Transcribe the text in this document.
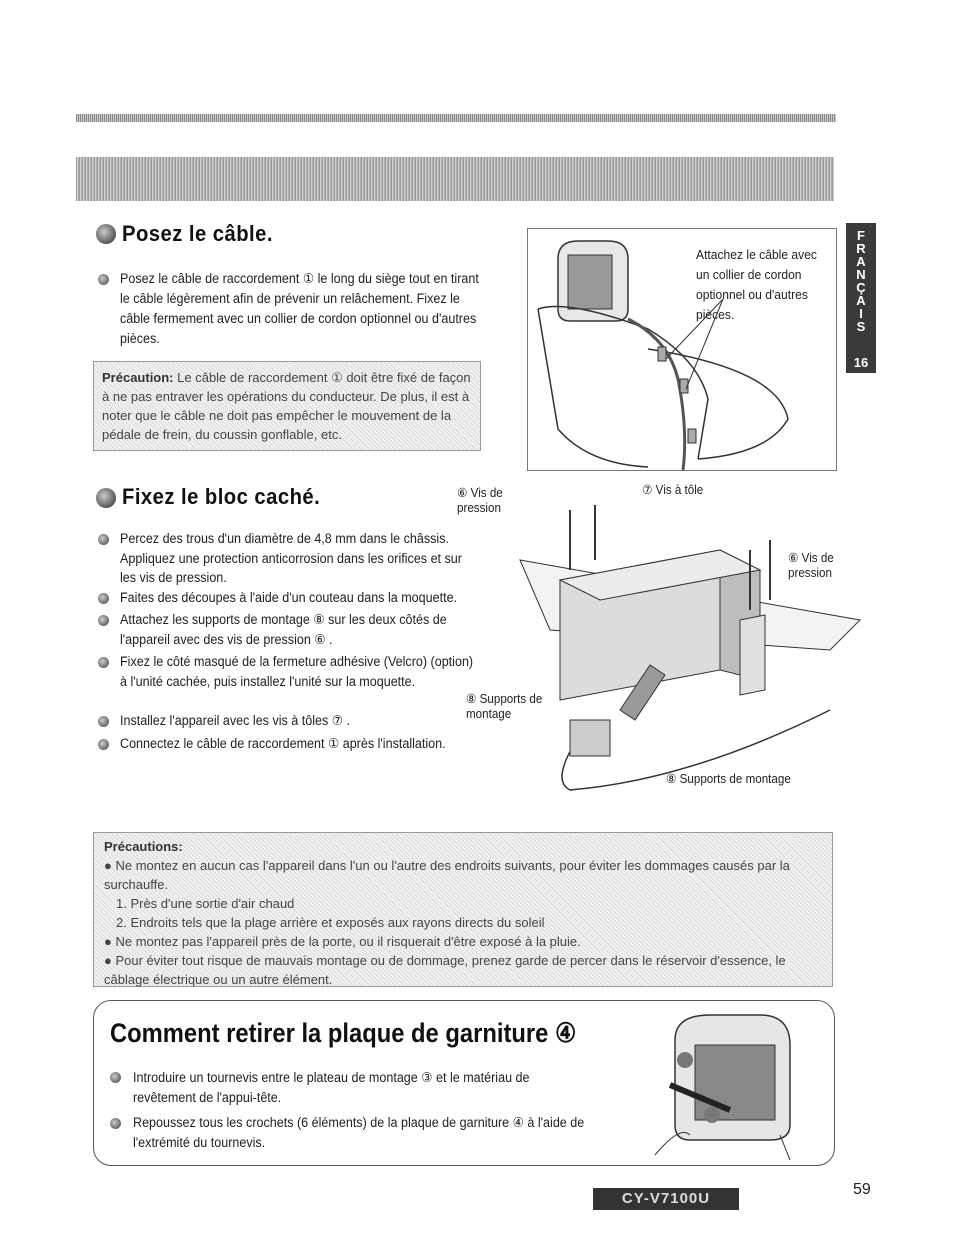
F
R
A
N
Ç
A
I
S
16
Posez le câble.
Posez le câble de raccordement ① le long du siège tout en tirant le câble légèrement afin de prévenir un relâchement. Fixez le câble fermement avec un collier de cordon optionnel ou d'autres pièces.
Précaution: Le câble de raccordement ① doit être fixé de façon à ne pas entraver les opérations du conducteur. De plus, il est à noter que le câble ne doit pas empêcher le mouvement de la pédale de frein, du coussin gonflable, etc.
Attachez le câble avec un collier de cordon optionnel ou d'autres pièces.
Fixez le bloc caché.
Percez des trous d'un diamètre de 4,8 mm dans le châssis. Appliquez une protection anticorrosion dans les orifices et sur les vis de pression.
Faites des découpes à l'aide d'un couteau dans la moquette.
Attachez les supports de montage ⑧ sur les deux côtés de l'appareil avec des vis de pression ⑥ .
Fixez le côté masqué de la fermeture adhésive (Velcro) (option) à l'unité cachée, puis installez l'unité sur la moquette.
Installez l'appareil avec les vis à tôles ⑦ .
Connectez le câble de raccordement ① après l'installation.
⑥ Vis de pression
⑦ Vis à tôle
⑥ Vis de pression
⑧ Supports de montage
⑧ Supports de montage
Précautions:
● Ne montez en aucun cas l'appareil dans l'un ou l'autre des endroits suivants, pour éviter les dommages causés par la surchauffe.
1. Près d'une sortie d'air chaud
2. Endroits tels que la plage arrière et exposés aux rayons directs du soleil
● Ne montez pas l'appareil près de la porte, ou il risquerait d'être exposé à la pluie.
● Pour éviter tout risque de mauvais montage ou de dommage, prenez garde de percer dans le réservoir d'essence, le câblage électrique ou un autre élément.
Comment retirer la plaque de garniture ④
Introduire un tournevis entre le plateau de montage ③ et le matériau de revêtement de l'appui-tête.
Repoussez tous les crochets (6 éléments) de la plaque de garniture ④ à l'aide de l'extrémité du tournevis.
CY-V7100U
59
